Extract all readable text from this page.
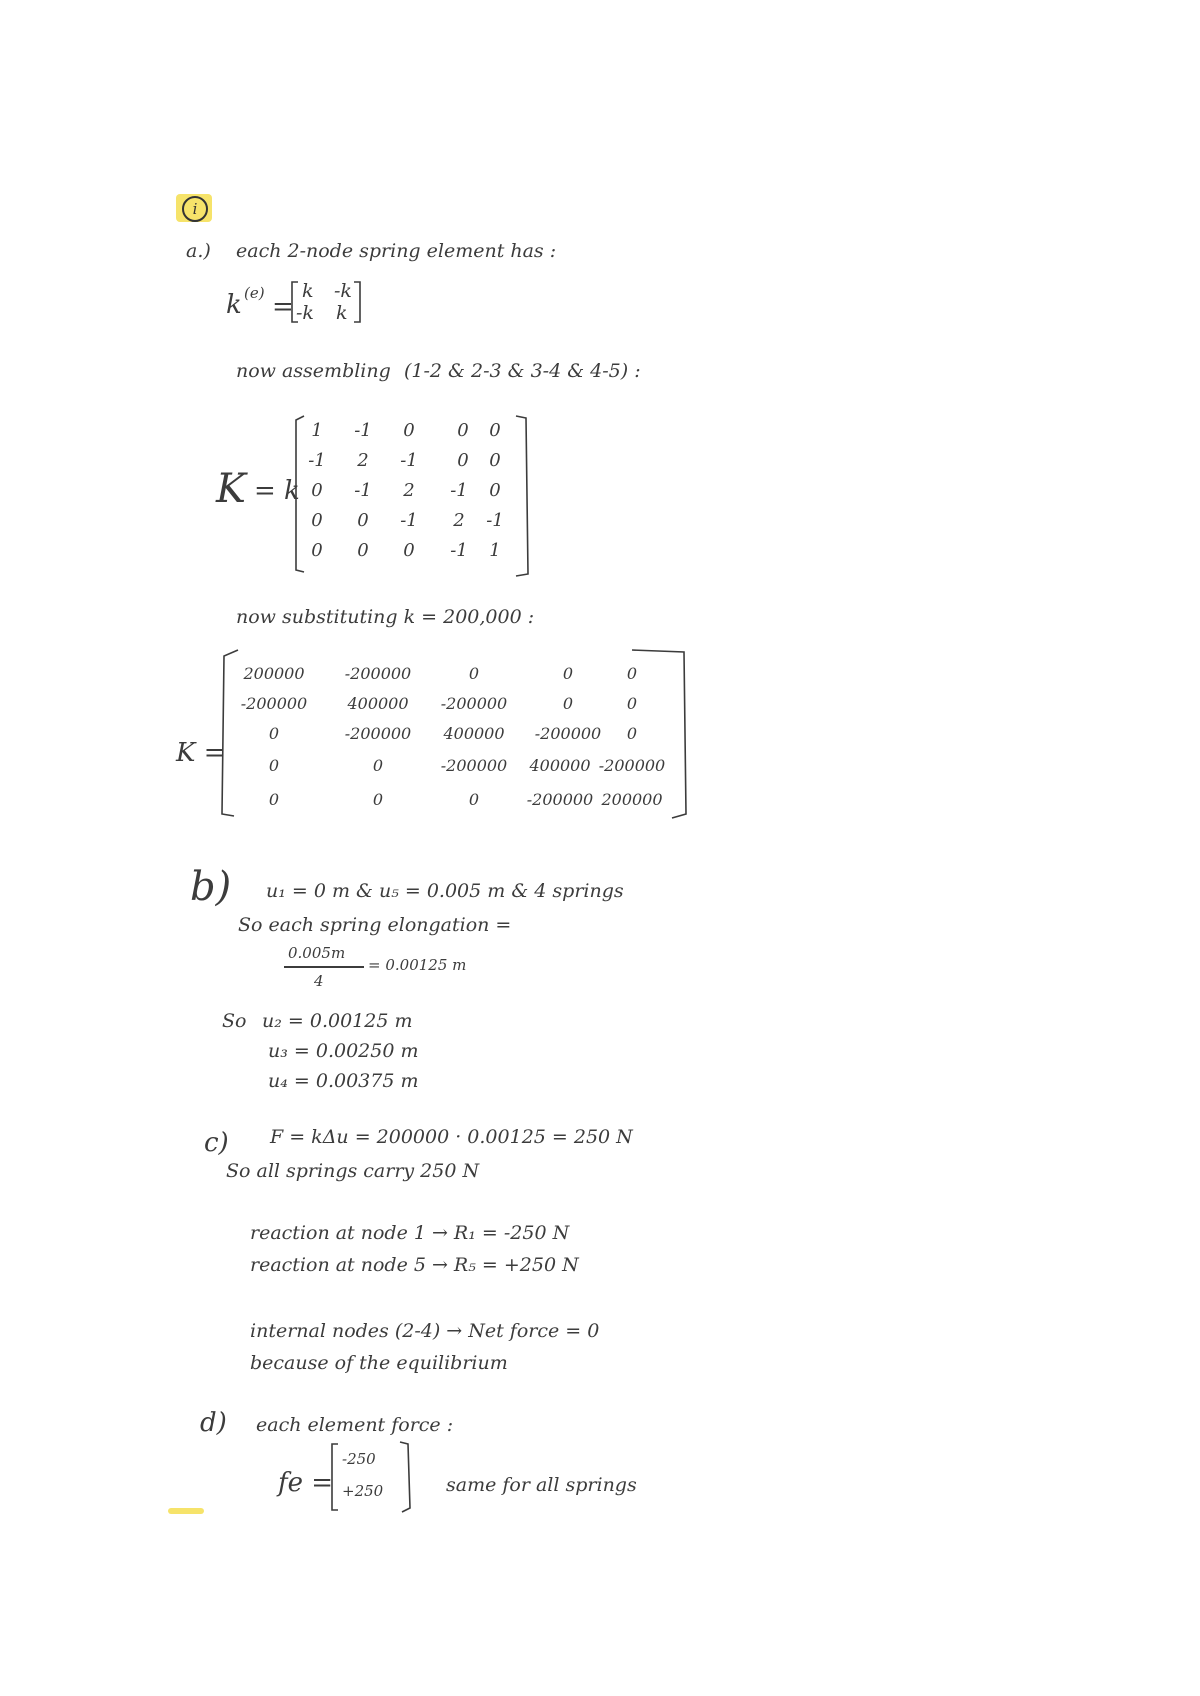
i
a.) each 2-node spring element has :
k (e) =
k -k
-k k
now assembling (1-2 & 2-3 & 3-4 & 4-5) :
K = k
1	-1	0	0	0
-1	2	-1	0	0
0	-1	2	-1	0
0	0	-1	2	-1
0	0	0	-1	1
now substituting k = 200,000 :
K =
200000	-200000	0	0	0
-200000	400000	-200000	0	0
0	-200000	400000	-200000	0
0	0	-200000	400000 -200000
0	0	0	-200000 200000
b) u₁ = 0 m & u₅ = 0.005 m & 4 springs
So each spring elongation =
0.005m
4
= 0.00125 m
So u₂ = 0.00125 m
u₃ = 0.00250 m
u₄ = 0.00375 m
c) F = kΔu = 200000 · 0.00125 = 250 N
So all springs carry 250 N
reaction at node 1 → R₁ = -250 N
reaction at node 5 → R₅ = +250 N
internal nodes (2-4) → Net force = 0
because of the equilibrium
d) each element force :
fe =
-250
+250	same for all springs
